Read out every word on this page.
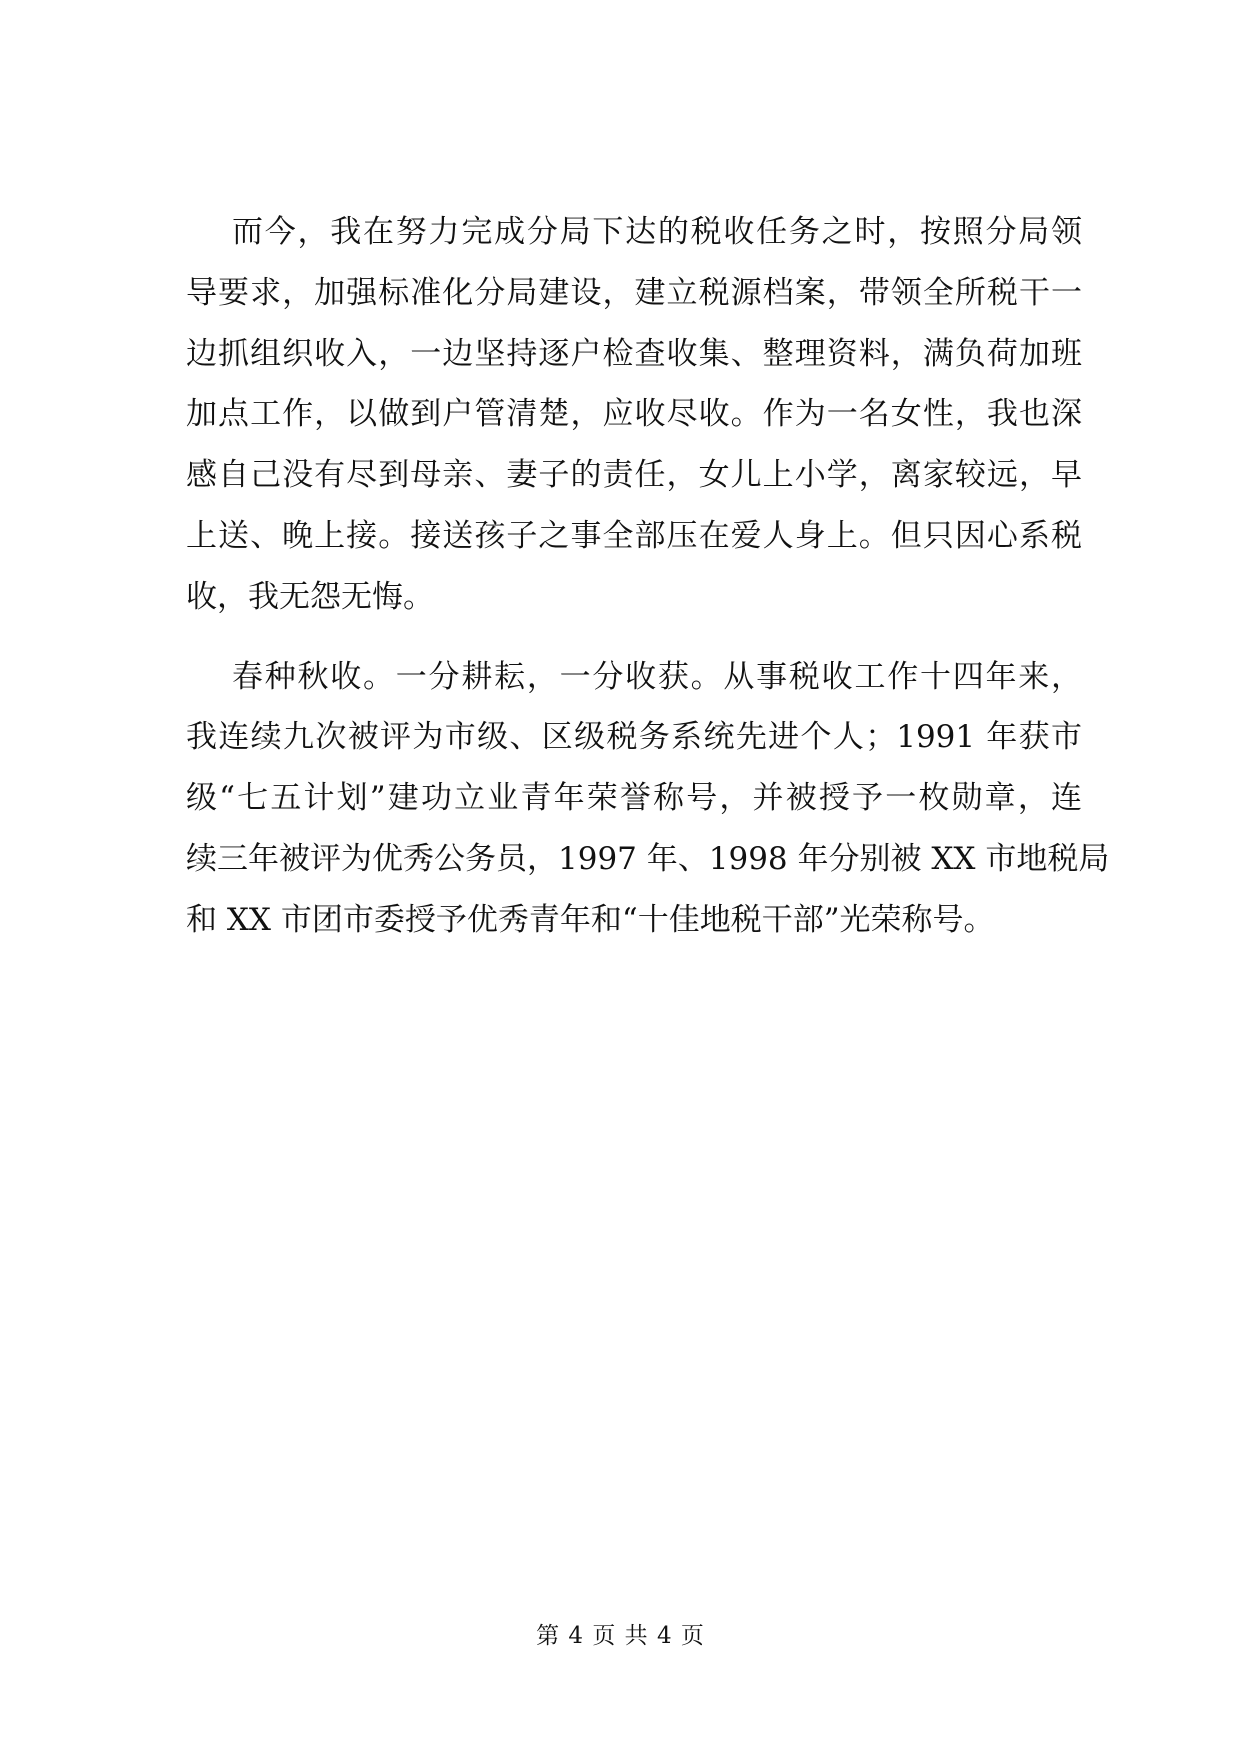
而今，我在努力完成分局下达的税收任务之时，按照分局领
导要求，加强标准化分局建设，建立税源档案，带领全所税干一
边抓组织收入，一边坚持逐户检查收集、整理资料，满负荷加班
加点工作，以做到户管清楚，应收尽收。作为一名女性，我也深
感自己没有尽到母亲、妻子的责任，女儿上小学，离家较远，早
上送、晚上接。接送孩子之事全部压在爱人身上。但只因心系税
收，我无怨无悔。
春种秋收。一分耕耘，一分收获。从事税收工作十四年来，
我连续九次被评为市级、区级税务系统先进个人；1991 年获市
级“七五计划”建功立业青年荣誉称号，并被授予一枚勋章，连
续三年被评为优秀公务员，1997 年、1998 年分别被 XX 市地税局
和 XX 市团市委授予优秀青年和“十佳地税干部”光荣称号。
第 4 页 共 4 页
